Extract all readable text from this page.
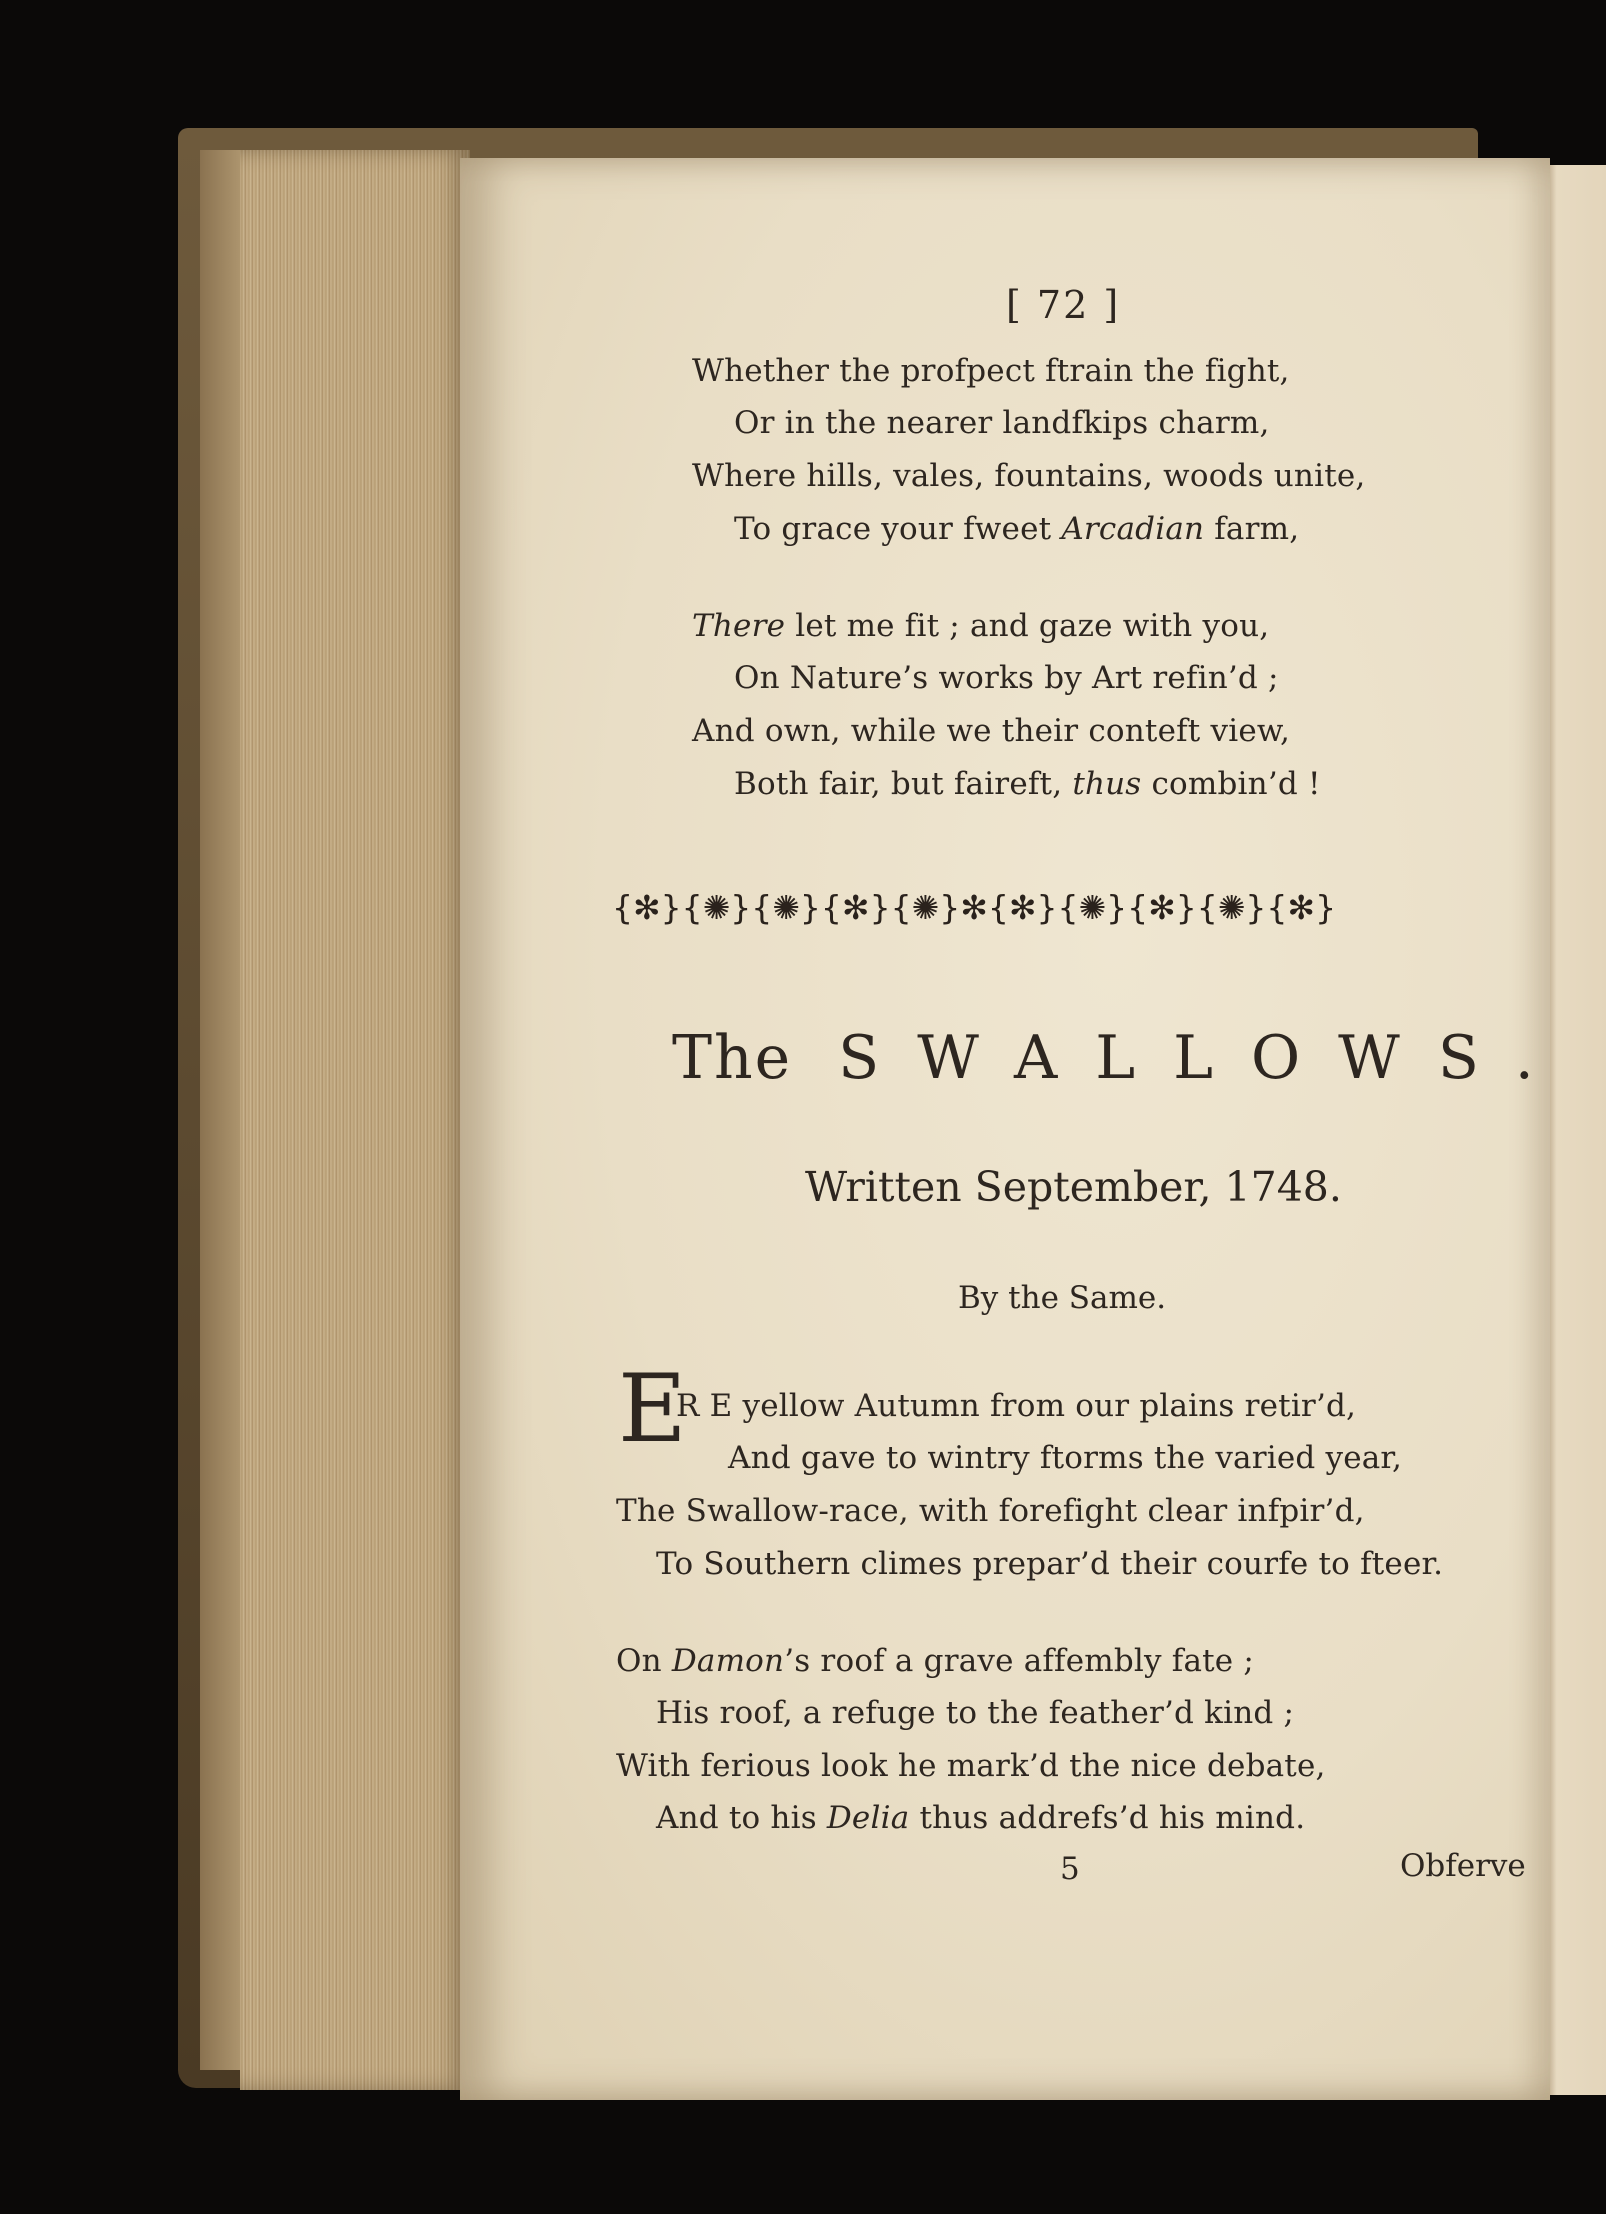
[ 72 ]
Whether the profpect ftrain the fight,
Or in the nearer landfkips charm,
Where hills, vales, fountains, woods unite,
To grace your fweet Arcadian farm,
There let me fit ; and gaze with you,
On Nature’s works by Art refin’d ;
And own, while we their conteft view,
Both fair, but faireft, thus combin’d !
{✻}{✺}{✺}{✻}{✺}✻{✻}{✺}{✻}{✺}{✻}
The SWALLOWS.
Written September, 1748.
By the Same.
E
R E yellow Autumn from our plains retir’d,
And gave to wintry ftorms the varied year,
The Swallow-race, with forefight clear infpir’d,
To Southern climes prepar’d their courfe to fteer.
On Damon’s roof a grave affembly fate ;
His roof, a refuge to the feather’d kind ;
With ferious look he mark’d the nice debate,
And to his Delia thus addrefs’d his mind.
5	Obferve
